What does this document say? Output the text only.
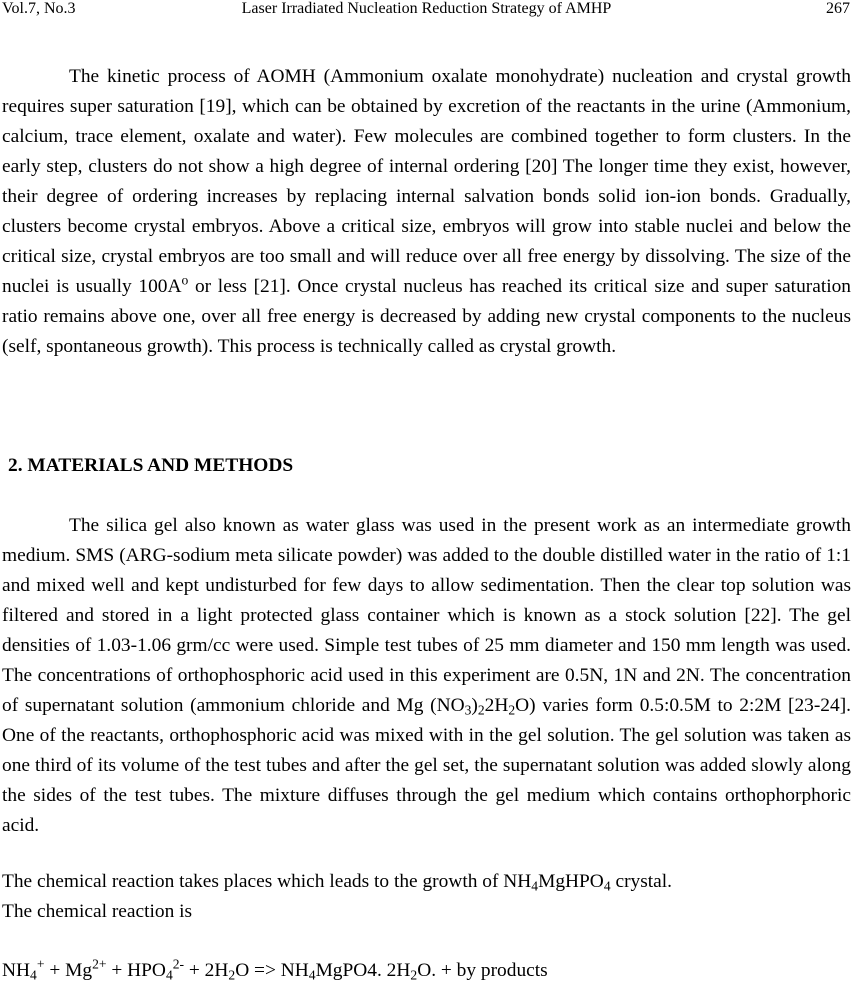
Vol.7, No.3	Laser Irradiated Nucleation Reduction Strategy of AMHP	267

The kinetic process of AOMH (Ammonium oxalate monohydrate) nucleation and crystal growth requires super saturation [19], which can be obtained by excretion of the reactants in the urine (Ammonium, calcium, trace element, oxalate and water). Few molecules are combined together to form clusters. In the early step, clusters do not show a high degree of internal ordering [20] The longer time they exist, however, their degree of ordering increases by replacing internal salvation bonds solid ion-ion bonds. Gradually, clusters become crystal embryos. Above a critical size, embryos will grow into stable nuclei and below the critical size, crystal embryos are too small and will reduce over all free energy by dissolving. The size of the nuclei is usually $100A^o$ or less [21]. Once crystal nucleus has reached its critical size and super saturation ratio remains above one, over all free energy is decreased by adding new crystal components to the nucleus (self, spontaneous growth). This process is technically called as crystal growth.

2. MATERIALS AND METHODS

The silica gel also known as water glass was used in the present work as an intermediate growth medium. SMS (ARG-sodium meta silicate powder) was added to the double distilled water in the ratio of 1:1 and mixed well and kept undisturbed for few days to allow sedimentation. Then the clear top solution was filtered and stored in a light protected glass container which is known as a stock solution [22]. The gel densities of 1.03-1.06 grm/cc were used. Simple test tubes of 25 mm diameter and 150 mm length was used. The concentrations of orthophosphoric acid used in this experiment are 0.5N, 1N and 2N. The concentration of supernatant solution (ammonium chloride and Mg $(NO_3)_22H_2O$) varies form 0.5:0.5M to 2:2M [23-24]. One of the reactants, orthophosphoric acid was mixed with in the gel solution. The gel solution was taken as one third of its volume of the test tubes and after the gel set, the supernatant solution was added slowly along the sides of the test tubes. The mixture diffuses through the gel medium which contains orthophorphoric acid.

The chemical reaction takes places which leads to the growth of $NH_4MgHPO_4$ crystal.

The chemical reaction is

$NH_4^+ + Mg^{2+} + HPO_4^{2-} + 2H_2O$ => $NH_4MgPO4$. $2H_2O$. + by products
